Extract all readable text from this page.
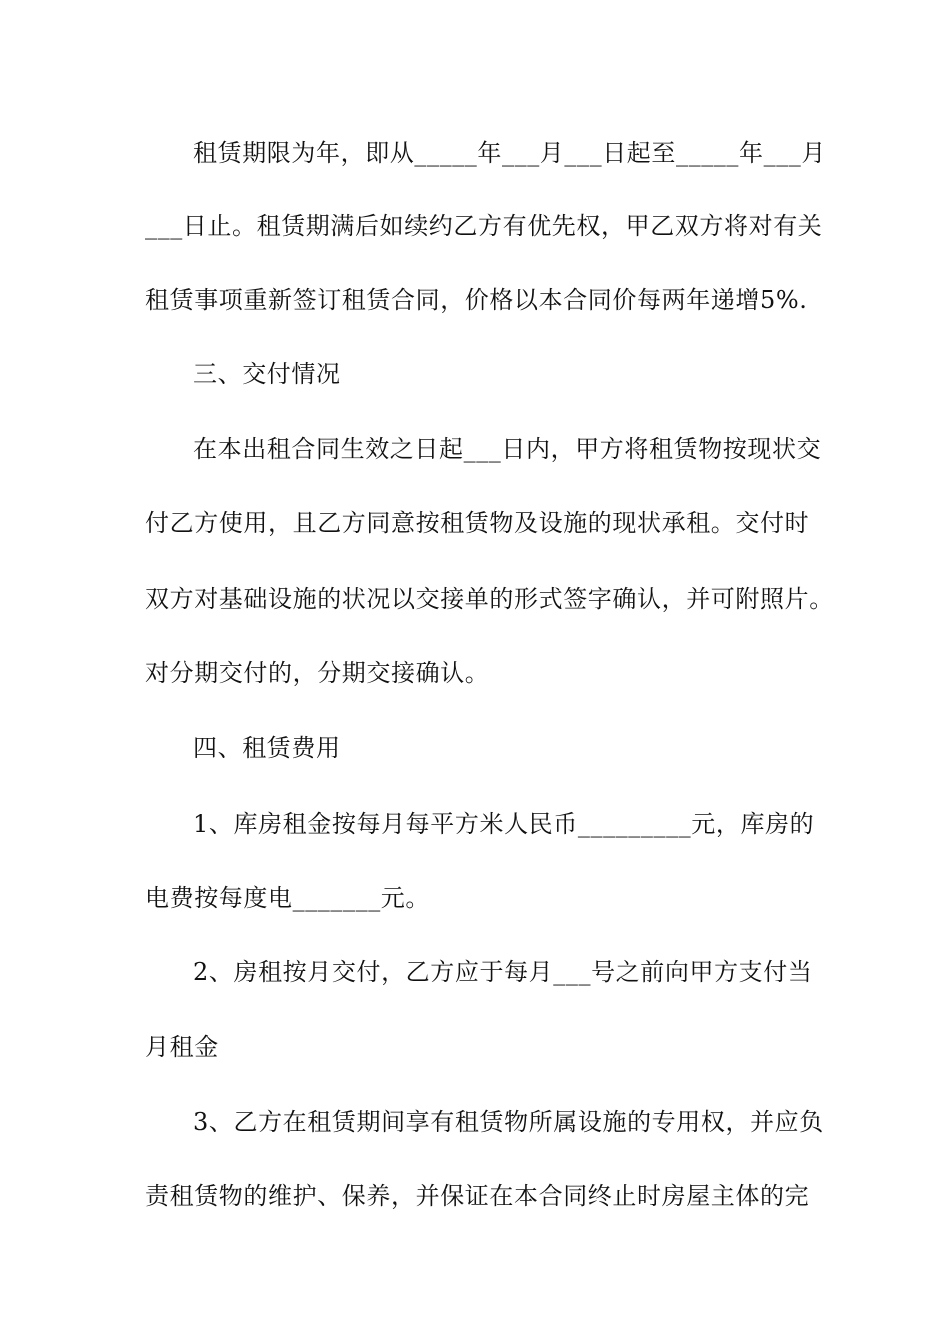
租赁期限为年，即从_____年___月___日起至_____年___月
___日止。租赁期满后如续约乙方有优先权，甲乙双方将对有关
租赁事项重新签订租赁合同，价格以本合同价每两年递增5%.
三、交付情况
在本出租合同生效之日起___日内，甲方将租赁物按现状交
付乙方使用，且乙方同意按租赁物及设施的现状承租。交付时
双方对基础设施的状况以交接单的形式签字确认，并可附照片。
对分期交付的，分期交接确认。
四、租赁费用
1、库房租金按每月每平方米人民币_________元，库房的
电费按每度电_______元。
2、房租按月交付，乙方应于每月___号之前向甲方支付当
月租金
3、乙方在租赁期间享有租赁物所属设施的专用权，并应负
责租赁物的维护、保养，并保证在本合同终止时房屋主体的完
